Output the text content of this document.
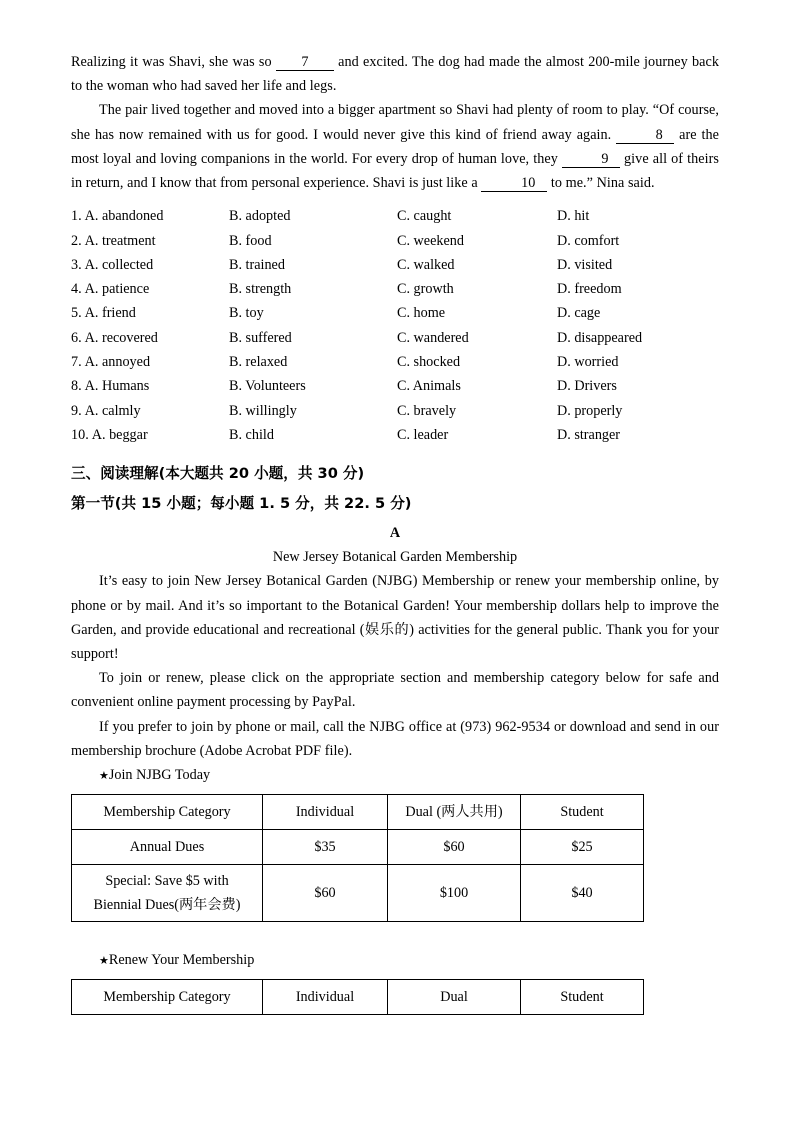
Realizing it was Shavi, she was so 7 and excited. The dog had made the almost 200-mile journey back to the woman who had saved her life and legs.

The pair lived together and moved into a bigger apartment so Shavi had plenty of room to play. “Of course, she has now remained with us for good. I would never give this kind of friend away again.	8 are the most loyal and loving companions in the world. For every drop of human love, they	9 give all of theirs in return, and I know that from personal experience. Shavi is just like a	10 to me.” Nina said.

1. A. abandoned	B. adopted	C. caught	D. hit
2. A. treatment	B. food	C. weekend	D. comfort
3. A. collected	B. trained	C. walked	D. visited
4. A. patience	B. strength	C. growth	D. freedom
5. A. friend	B. toy	C. home	D. cage
6. A. recovered	B. suffered	C. wandered	D. disappeared
7. A. annoyed	B. relaxed	C. shocked	D. worried
8. A. Humans	B. Volunteers	C. Animals	D. Drivers
9. A. calmly	B. willingly	C. bravely	D. properly
10. A. beggar	B. child	C. leader	D. stranger

三、阅读理解(本大题共 20 小题，共 30 分)

第一节(共 15 小题；每小题 1. 5 分，共 22. 5 分)

A

New Jersey Botanical Garden Membership

It’s easy to join New Jersey Botanical Garden (NJBG) Membership or renew your membership online, by phone or by mail. And it’s so important to the Botanical Garden! Your membership dollars help to improve the Garden, and provide educational and recreational (娱乐的) activities for the general public. Thank you for your support!

To join or renew, please click on the appropriate section and membership category below for safe and convenient online payment processing by PayPal.

If you prefer to join by phone or mail, call the NJBG office at (973) 962-9534 or download and send in our membership brochure (Adobe Acrobat PDF file).

★Join NJBG Today

Membership Category	Individual	Dual (两人共用)	Student
Annual Dues	$35	$60	$25

Special: Save $5 with
Biennial Dues(两年会费)	$60	$100	$40

★Renew Your Membership

Membership Category	Individual	Dual	Student
